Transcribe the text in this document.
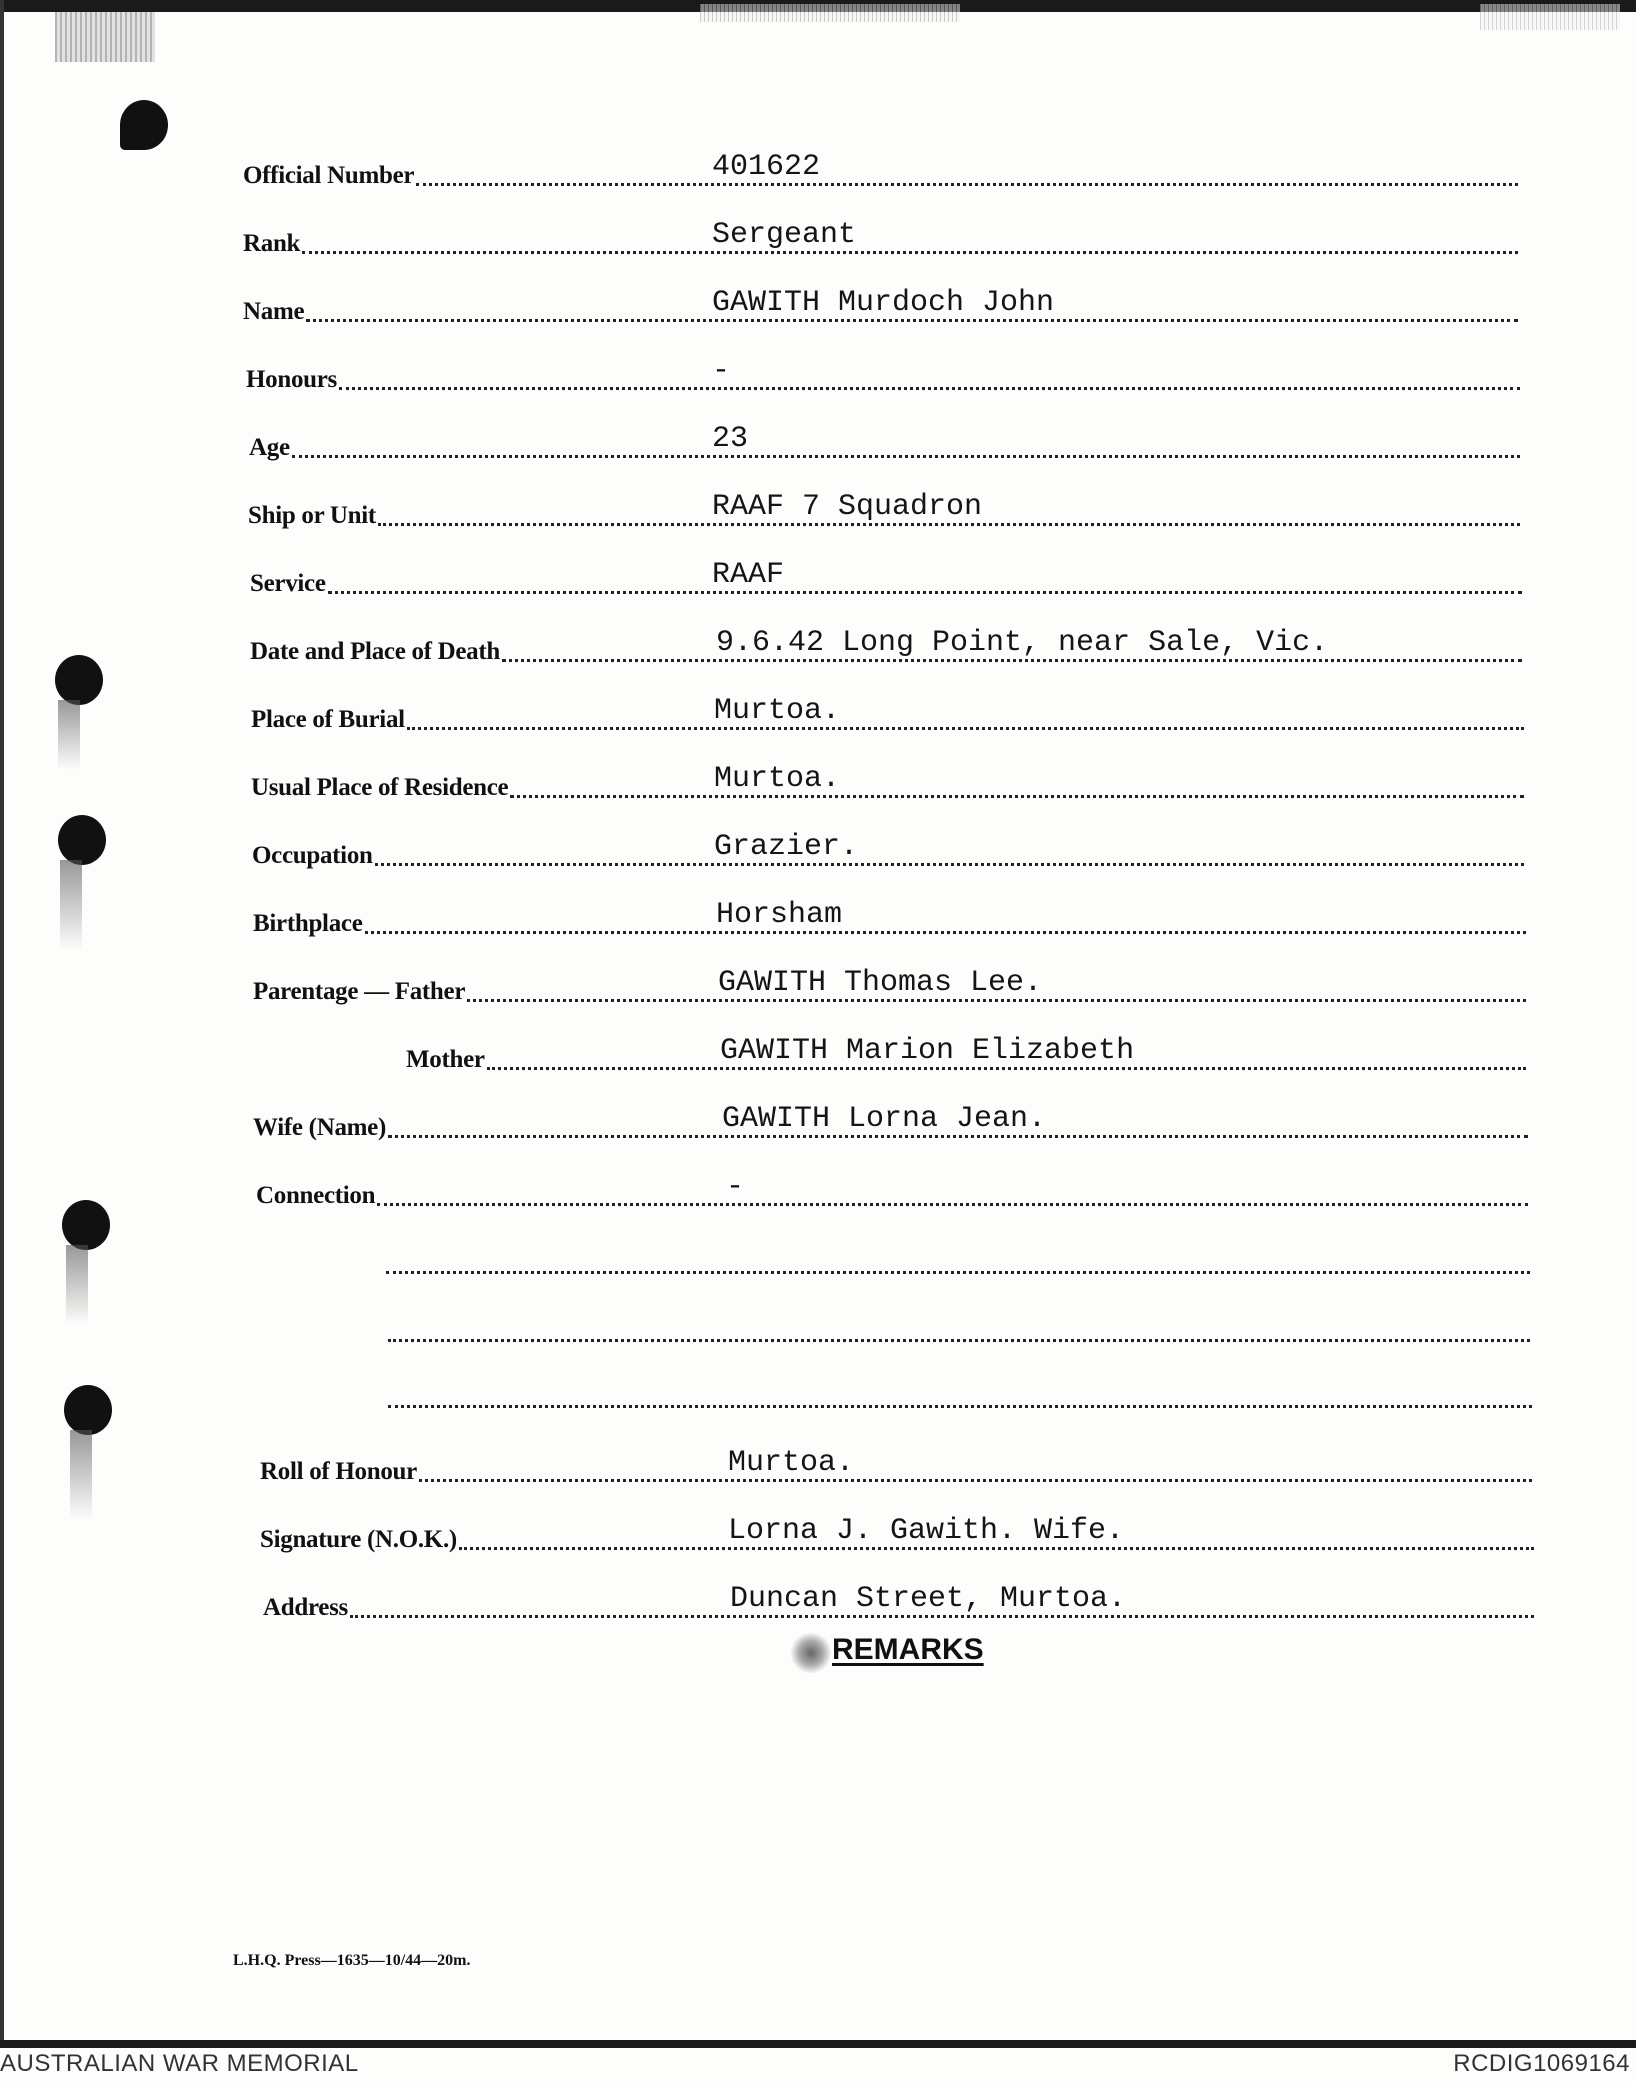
Official Number	401622
Rank	Sergeant
Name	GAWITH Murdoch John
Honours	-
Age	23
Ship or Unit	RAAF 7 Squadron
Service	RAAF
Date and Place of Death	9.6.42 Long Point, near Sale, Vic.
Place of Burial	Murtoa.
Usual Place of Residence	Murtoa.
Occupation	Grazier.
Birthplace	Horsham
Parentage — Father	GAWITH Thomas Lee.
Mother	GAWITH Marion Elizabeth
Wife (Name)	GAWITH Lorna Jean.
Connection	-
Roll of Honour	Murtoa.
Signature (N.O.K.)	Lorna J. Gawith. Wife.
Address	Duncan Street, Murtoa.
REMARKS
L.H.Q. Press—1635—10/44—20m.
AUSTRALIAN WAR MEMORIAL	RCDIG1069164
